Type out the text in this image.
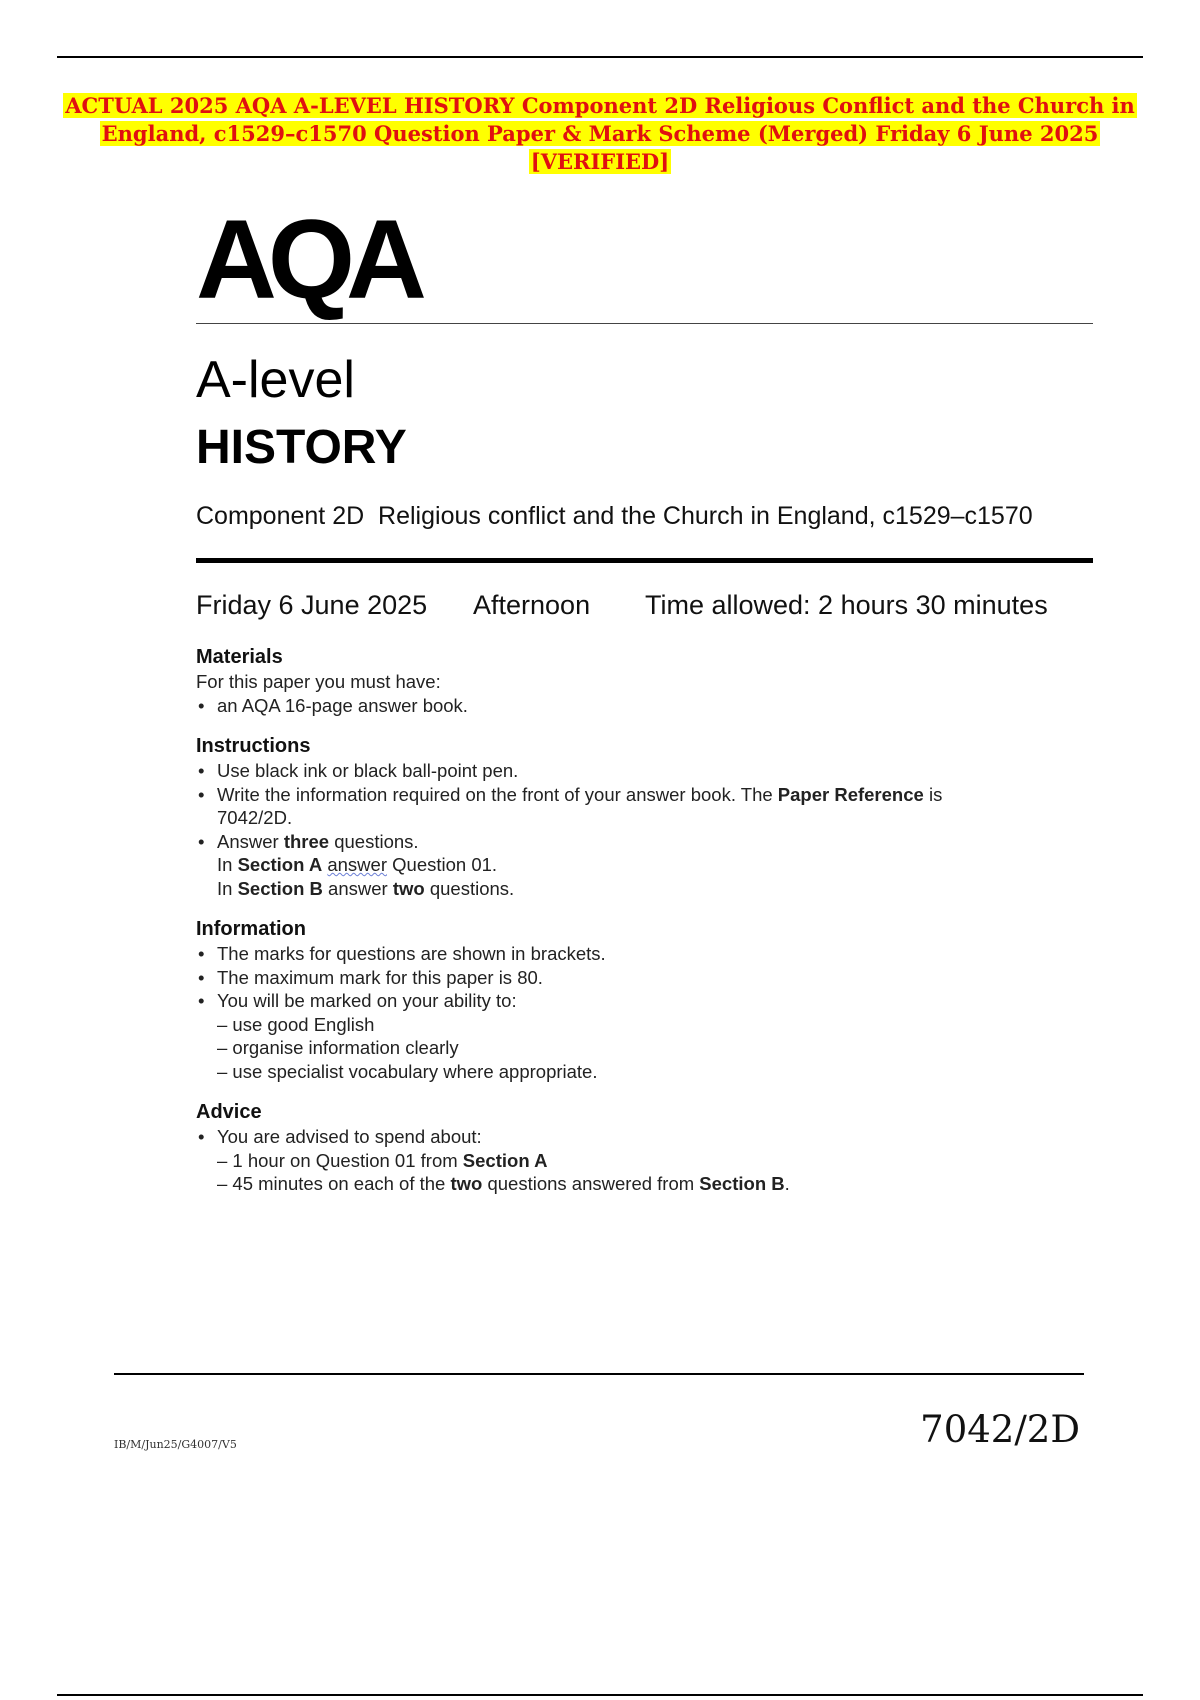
ACTUAL 2025 AQA A-LEVEL HISTORY Component 2D Religious Conflict and the Church in
England, c1529–c1570 Question Paper & Mark Scheme (Merged) Friday 6 June 2025 [VERIFIED]
AQA
A-level
HISTORY
Component 2D  Religious conflict and the Church in England, c1529–c1570
Friday 6 June 2025 Afternoon Time allowed: 2 hours 30 minutes
Materials
For this paper you must have:
• an AQA 16-page answer book.
Instructions
• Use black ink or black ball-point pen.
• Write the information required on the front of your answer book. The Paper Reference is
7042/2D.
• Answer three questions.
In Section A answer Question 01.
In Section B answer two questions.
Information
• The marks for questions are shown in brackets.
• The maximum mark for this paper is 80.
• You will be marked on your ability to:
– use good English
– organise information clearly
– use specialist vocabulary where appropriate.
Advice
• You are advised to spend about:
– 1 hour on Question 01 from Section A
– 45 minutes on each of the two questions answered from Section B.
IB/M/Jun25/G4007/V5	7042/2D
